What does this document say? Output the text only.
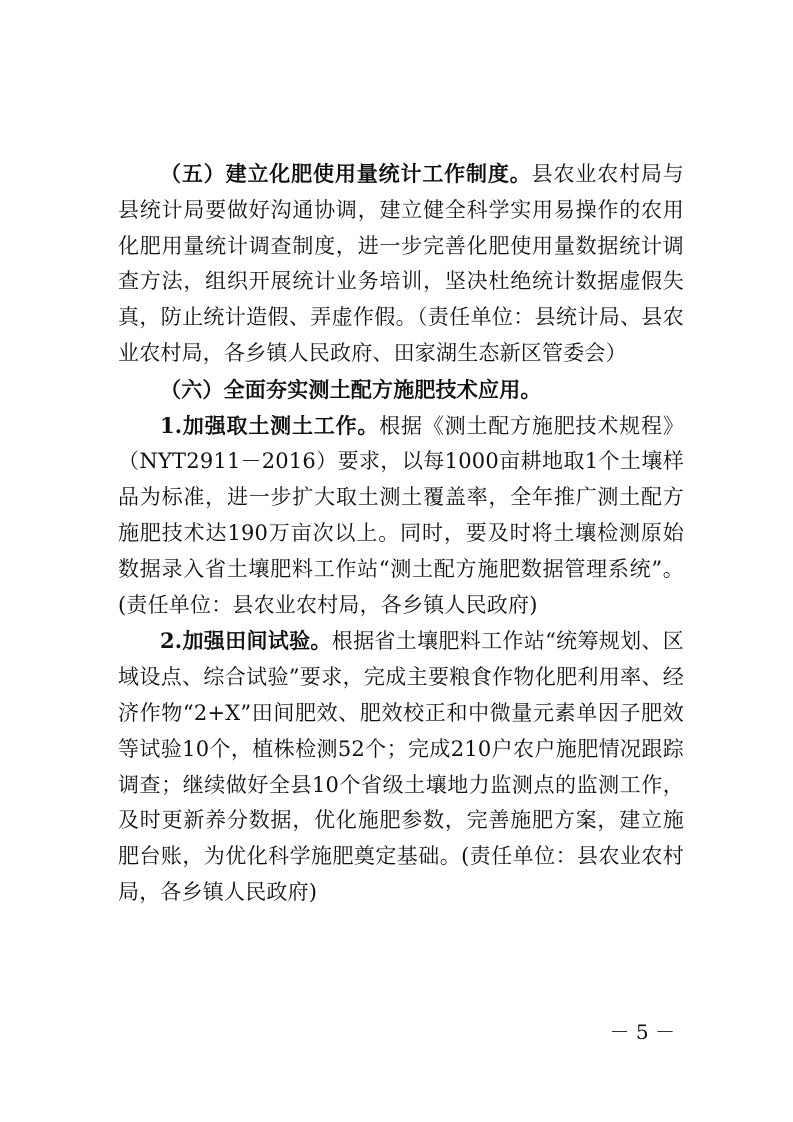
（五）建立化肥使用量统计工作制度。县农业农村局与县统计局要做好沟通协调，建立健全科学实用易操作的农用化肥用量统计调查制度，进一步完善化肥使用量数据统计调查方法，组织开展统计业务培训，坚决杜绝统计数据虚假失真，防止统计造假、弄虚作假。（责任单位：县统计局、县农业农村局，各乡镇人民政府、田家湖生态新区管委会）

（六）全面夯实测土配方施肥技术应用。

1.加强取土测土工作。根据《测土配方施肥技术规程》（NYT2911－2016）要求，以每1000亩耕地取1个土壤样品为标准，进一步扩大取土测土覆盖率，全年推广测土配方施肥技术达190万亩次以上。同时，要及时将土壤检测原始数据录入省土壤肥料工作站“测土配方施肥数据管理系统”。(责任单位：县农业农村局，各乡镇人民政府)

2.加强田间试验。根据省土壤肥料工作站“统筹规划、区域设点、综合试验”要求，完成主要粮食作物化肥利用率、经济作物“2+X”田间肥效、肥效校正和中微量元素单因子肥效等试验10个，植株检测52个；完成210户农户施肥情况跟踪调查；继续做好全县10个省级土壤地力监测点的监测工作，及时更新养分数据，优化施肥参数，完善施肥方案，建立施肥台账，为优化科学施肥奠定基础。(责任单位：县农业农村局，各乡镇人民政府)

－ 5 －
